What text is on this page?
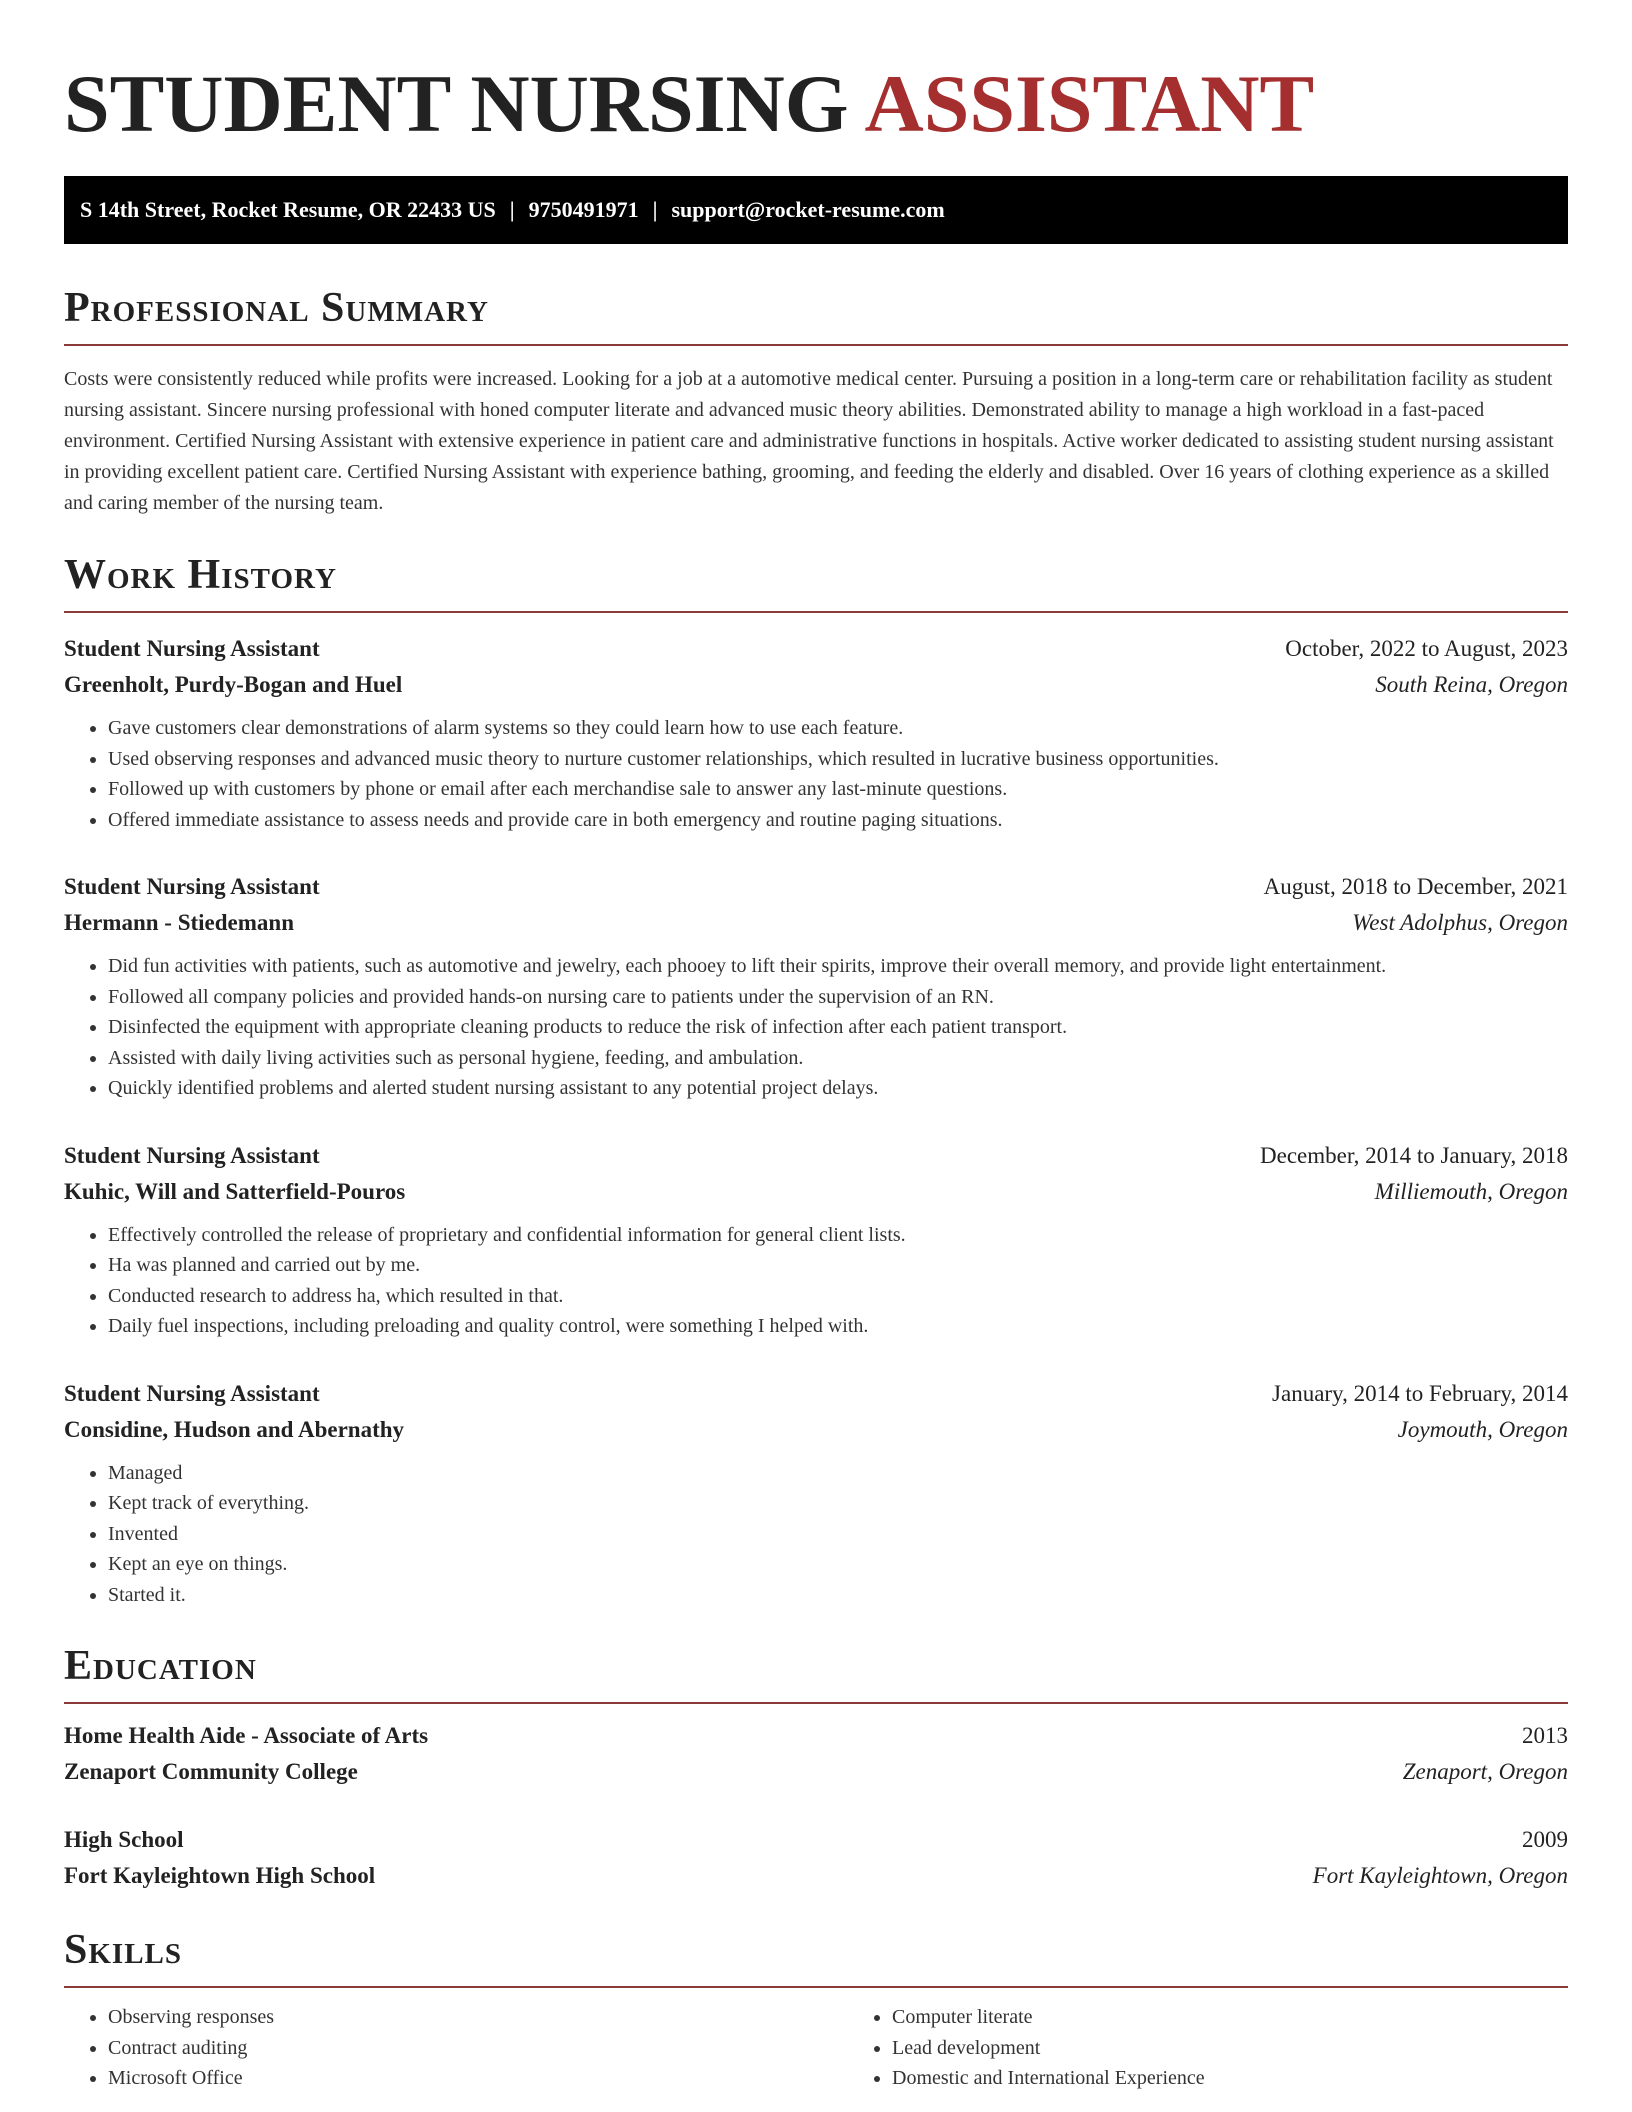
STUDENT NURSING ASSISTANT
S 14th Street, Rocket Resume, OR 22433 US | 9750491971 | support@rocket-resume.com
Professional Summary

Costs were consistently reduced while profits were increased. Looking for a job at a automotive medical center. Pursuing a position in a long-term care or rehabilitation facility as student nursing assistant. Sincere nursing professional with honed computer literate and advanced music theory abilities. Demonstrated ability to manage a high workload in a fast-paced environment. Certified Nursing Assistant with extensive experience in patient care and administrative functions in hospitals. Active worker dedicated to assisting student nursing assistant in providing excellent patient care. Certified Nursing Assistant with experience bathing, grooming, and feeding the elderly and disabled. Over 16 years of clothing experience as a skilled and caring member of the nursing team.

Work History
Student Nursing Assistant	October, 2022 to August, 2023
Greenholt, Purdy-Bogan and Huel	South Reina, Oregon
• Gave customers clear demonstrations of alarm systems so they could learn how to use each feature.
• Used observing responses and advanced music theory to nurture customer relationships, which resulted in lucrative business opportunities.
• Followed up with customers by phone or email after each merchandise sale to answer any last-minute questions.
• Offered immediate assistance to assess needs and provide care in both emergency and routine paging situations.
Student Nursing Assistant	August, 2018 to December, 2021
Hermann - Stiedemann	West Adolphus, Oregon
• Did fun activities with patients, such as automotive and jewelry, each phooey to lift their spirits, improve their overall memory, and provide light entertainment.
• Followed all company policies and provided hands-on nursing care to patients under the supervision of an RN.
• Disinfected the equipment with appropriate cleaning products to reduce the risk of infection after each patient transport.
• Assisted with daily living activities such as personal hygiene, feeding, and ambulation.
• Quickly identified problems and alerted student nursing assistant to any potential project delays.
Student Nursing Assistant	December, 2014 to January, 2018
Kuhic, Will and Satterfield-Pouros	Milliemouth, Oregon
• Effectively controlled the release of proprietary and confidential information for general client lists.
• Ha was planned and carried out by me.
• Conducted research to address ha, which resulted in that.
• Daily fuel inspections, including preloading and quality control, were something I helped with.
Student Nursing Assistant	January, 2014 to February, 2014
Considine, Hudson and Abernathy	Joymouth, Oregon
• Managed
• Kept track of everything.
• Invented
• Kept an eye on things.
• Started it.
Education
Home Health Aide - Associate of Arts	2013
Zenaport Community College	Zenaport, Oregon
High School	2009
Fort Kayleightown High School	Fort Kayleightown, Oregon
Skills
• Observing responses
• Contract auditing
• Microsoft Office
• Computer literate
• Lead development
• Domestic and International Experience
